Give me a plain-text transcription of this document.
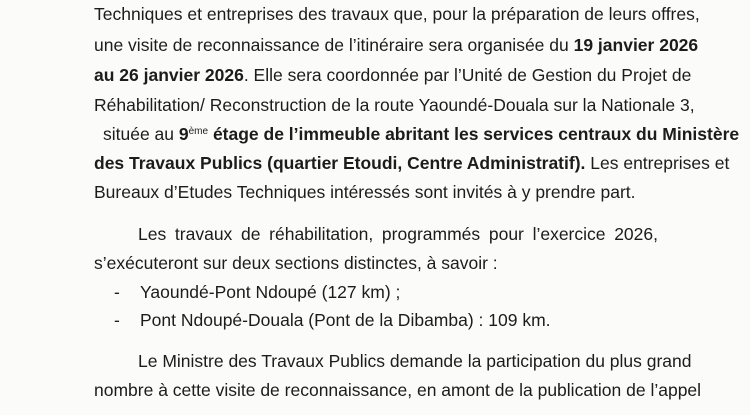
Techniques et entreprises des travaux que, pour la préparation de leurs offres,
une visite de reconnaissance de l’itinéraire sera organisée du 19 janvier 2026
au 26 janvier 2026. Elle sera coordonnée par l’Unité de Gestion du Projet de
Réhabilitation/ Reconstruction de la route Yaoundé-Douala sur la Nationale 3,
située au 9ème étage de l’immeuble abritant les services centraux du Ministère
des Travaux Publics (quartier Etoudi, Centre Administratif). Les entreprises et
Bureaux d’Etudes Techniques intéressés sont invités à y prendre part.
Les travaux de réhabilitation, programmés pour l’exercice 2026,
s’exécuteront sur deux sections distinctes, à savoir :
- Yaoundé-Pont Ndoupé (127 km) ;
- Pont Ndoupé-Douala (Pont de la Dibamba) : 109 km.
Le Ministre des Travaux Publics demande la participation du plus grand
nombre à cette visite de reconnaissance, en amont de la publication de l’appel
